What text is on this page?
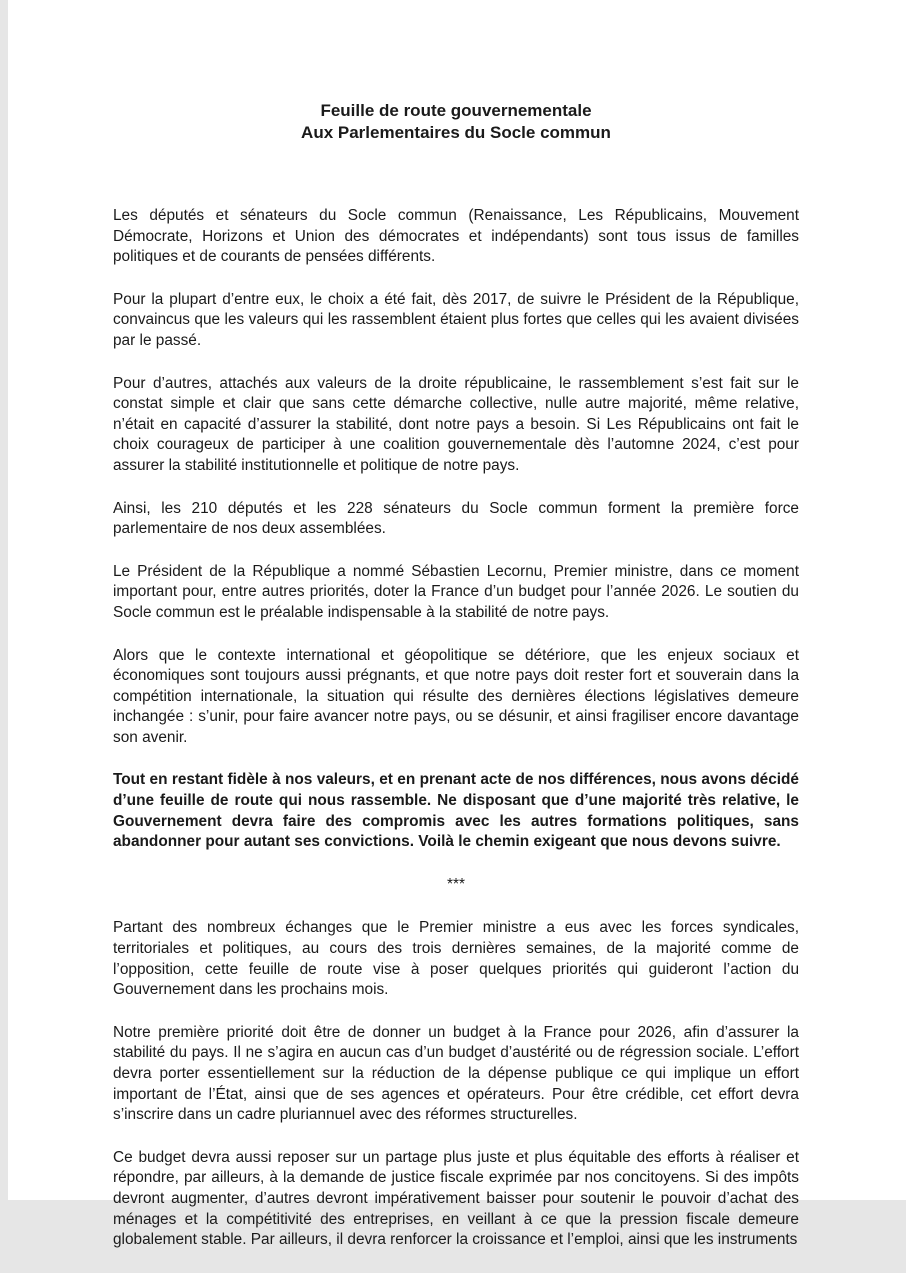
Feuille de route gouvernementale

Aux Parlementaires du Socle commun

Les députés et sénateurs du Socle commun (Renaissance, Les Républicains, Mouvement Démocrate, Horizons et Union des démocrates et indépendants) sont tous issus de familles politiques et de courants de pensées différents.

Pour la plupart d’entre eux, le choix a été fait, dès 2017, de suivre le Président de la République, convaincus que les valeurs qui les rassemblent étaient plus fortes que celles qui les avaient divisées par le passé.

Pour d’autres, attachés aux valeurs de la droite républicaine, le rassemblement s’est fait sur le constat simple et clair que sans cette démarche collective, nulle autre majorité, même relative, n’était en capacité d’assurer la stabilité, dont notre pays a besoin. Si Les Républicains ont fait le choix courageux de participer à une coalition gouvernementale dès l’automne 2024, c’est pour assurer la stabilité institutionnelle et politique de notre pays.

Ainsi, les 210 députés et les 228 sénateurs du Socle commun forment la première force parlementaire de nos deux assemblées.

Le Président de la République a nommé Sébastien Lecornu, Premier ministre, dans ce moment important pour, entre autres priorités, doter la France d’un budget pour l’année 2026. Le soutien du Socle commun est le préalable indispensable à la stabilité de notre pays.

Alors que le contexte international et géopolitique se détériore, que les enjeux sociaux et économiques sont toujours aussi prégnants, et que notre pays doit rester fort et souverain dans la compétition internationale, la situation qui résulte des dernières élections législatives demeure inchangée : s’unir, pour faire avancer notre pays, ou se désunir, et ainsi fragiliser encore davantage son avenir.

Tout en restant fidèle à nos valeurs, et en prenant acte de nos différences, nous avons décidé d’une feuille de route qui nous rassemble. Ne disposant que d’une majorité très relative, le Gouvernement devra faire des compromis avec les autres formations politiques, sans abandonner pour autant ses convictions. Voilà le chemin exigeant que nous devons suivre.

***

Partant des nombreux échanges que le Premier ministre a eus avec les forces syndicales, territoriales et politiques, au cours des trois dernières semaines, de la majorité comme de l’opposition, cette feuille de route vise à poser quelques priorités qui guideront l’action du Gouvernement dans les prochains mois.

Notre première priorité doit être de donner un budget à la France pour 2026, afin d’assurer la stabilité du pays. Il ne s’agira en aucun cas d’un budget d’austérité ou de régression sociale. L’effort devra porter essentiellement sur la réduction de la dépense publique ce qui implique un effort important de l’État, ainsi que de ses agences et opérateurs. Pour être crédible, cet effort devra s’inscrire dans un cadre pluriannuel avec des réformes structurelles.

Ce budget devra aussi reposer sur un partage plus juste et plus équitable des efforts à réaliser et répondre, par ailleurs, à la demande de justice fiscale exprimée par nos concitoyens. Si des impôts devront augmenter, d’autres devront impérativement baisser pour soutenir le pouvoir d’achat des ménages et la compétitivité des entreprises, en veillant à ce que la pression fiscale demeure globalement stable. Par ailleurs, il devra renforcer la croissance et l’emploi, ainsi que les instruments
